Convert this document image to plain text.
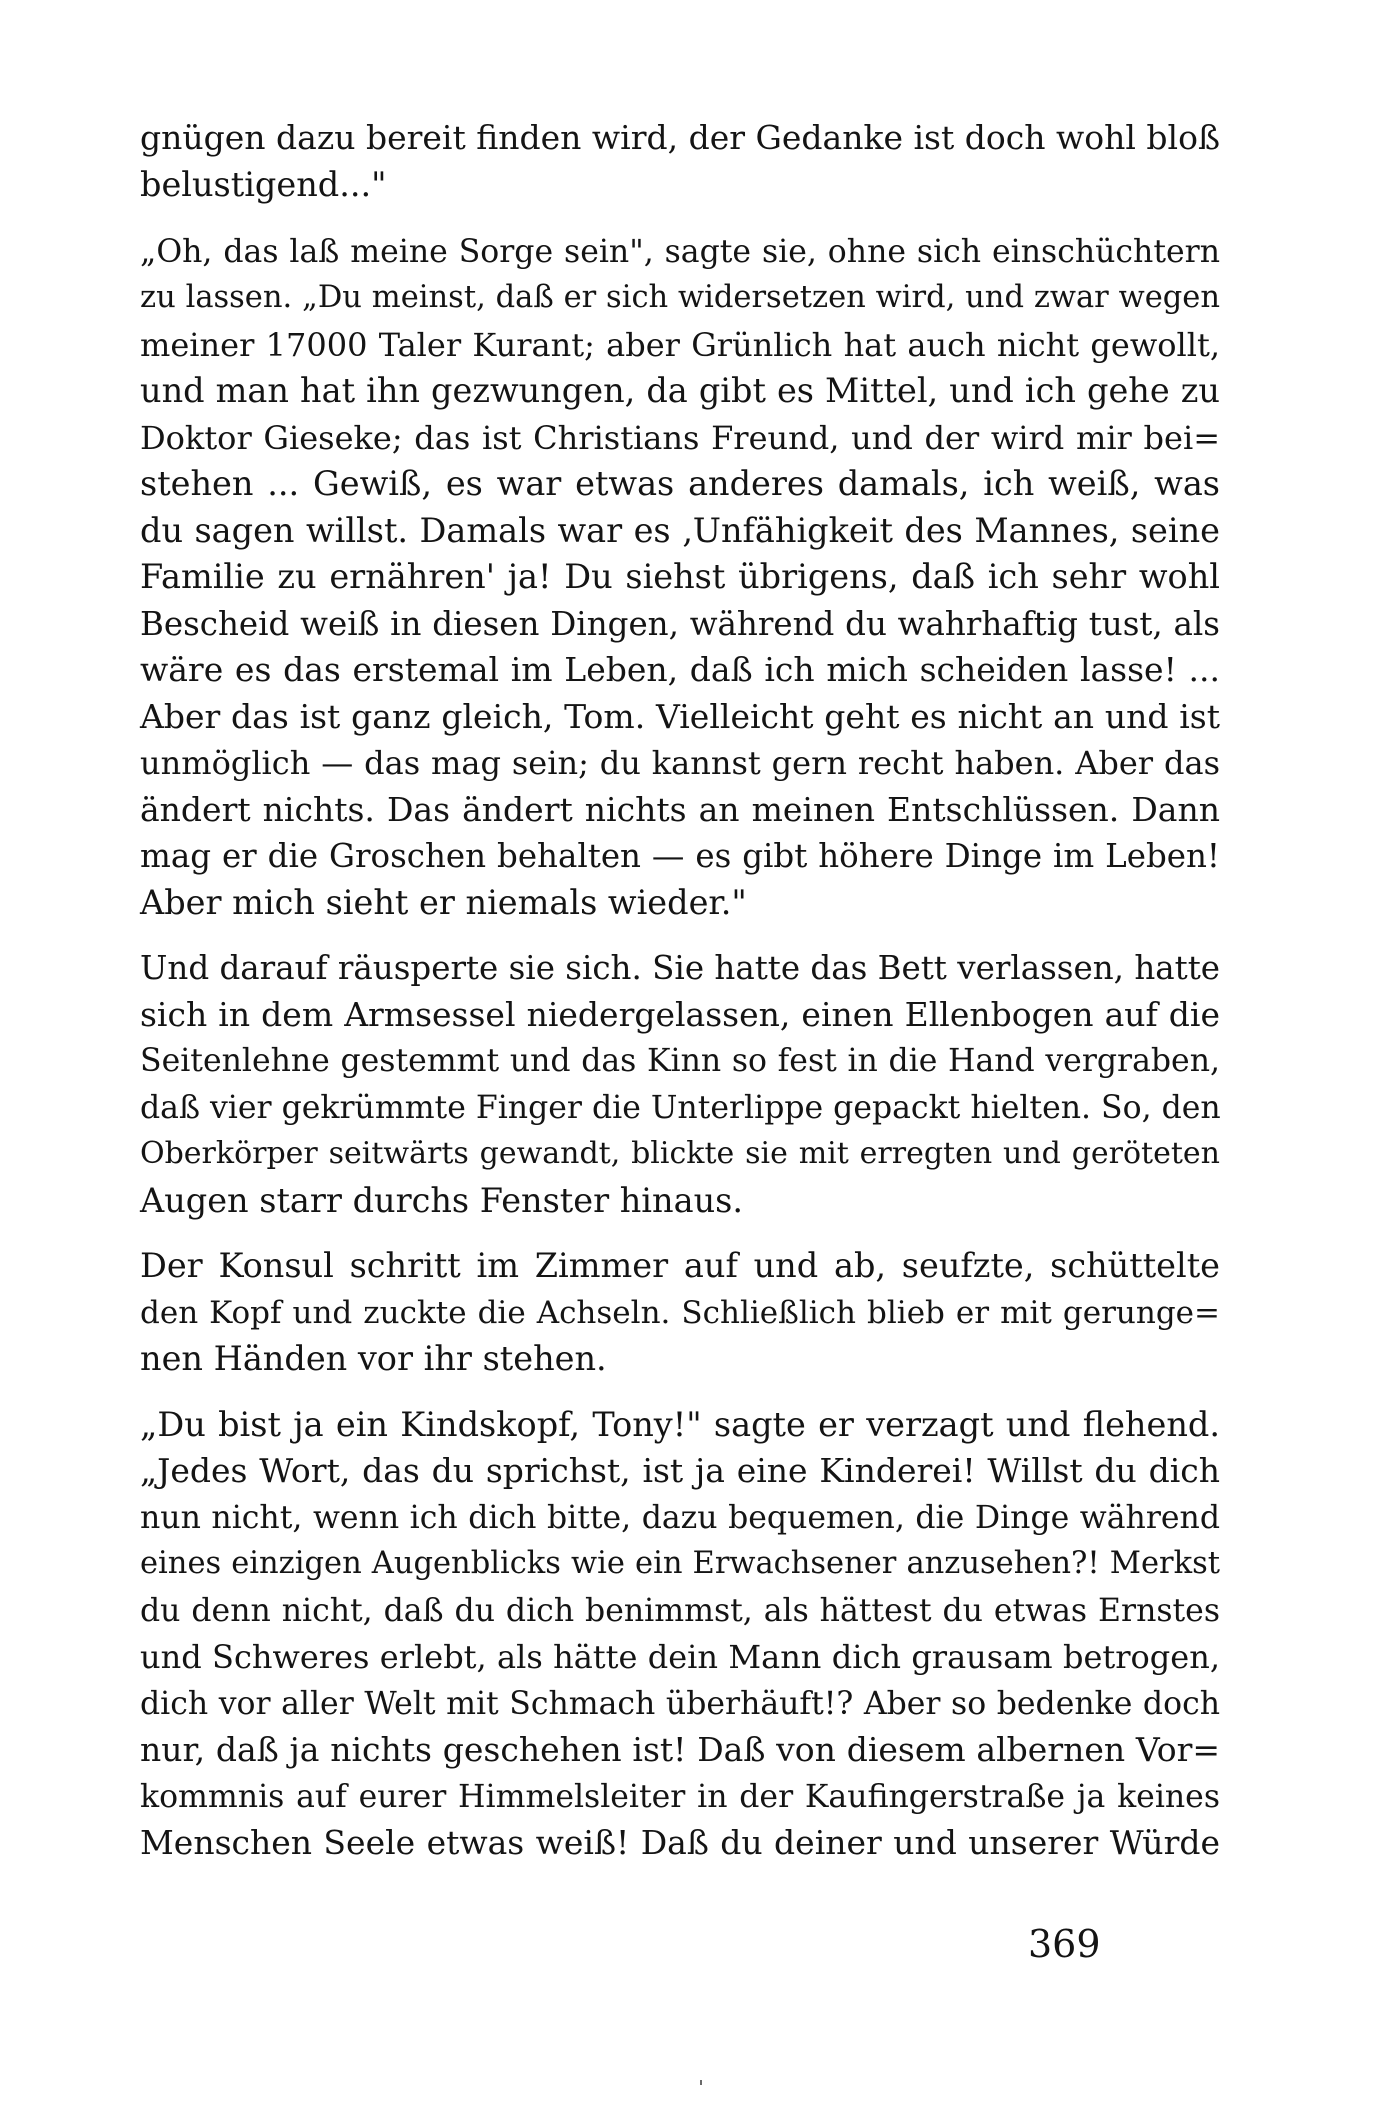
gnügen dazu bereit finden wird, der Gedanke ist doch wohl bloß
belustigend..."
„Oh, das laß meine Sorge sein", sagte sie, ohne sich einschüchtern
zu lassen. „Du meinst, daß er sich widersetzen wird, und zwar wegen
meiner 17000 Taler Kurant; aber Grünlich hat auch nicht gewollt,
und man hat ihn gezwungen, da gibt es Mittel, und ich gehe zu
Doktor Gieseke; das ist Christians Freund, und der wird mir bei=
stehen ... Gewiß, es war etwas anderes damals, ich weiß, was
du sagen willst. Damals war es ‚Unfähigkeit des Mannes, seine
Familie zu ernähren' ja! Du siehst übrigens, daß ich sehr wohl
Bescheid weiß in diesen Dingen, während du wahrhaftig tust, als
wäre es das erstemal im Leben, daß ich mich scheiden lasse! ...
Aber das ist ganz gleich, Tom. Vielleicht geht es nicht an und ist
unmöglich — das mag sein; du kannst gern recht haben. Aber das
ändert nichts. Das ändert nichts an meinen Entschlüssen. Dann
mag er die Groschen behalten — es gibt höhere Dinge im Leben!
Aber mich sieht er niemals wieder."
Und darauf räusperte sie sich. Sie hatte das Bett verlassen, hatte
sich in dem Armsessel niedergelassen, einen Ellenbogen auf die
Seitenlehne gestemmt und das Kinn so fest in die Hand vergraben,
daß vier gekrümmte Finger die Unterlippe gepackt hielten. So, den
Oberkörper seitwärts gewandt, blickte sie mit erregten und geröteten
Augen starr durchs Fenster hinaus.
Der Konsul schritt im Zimmer auf und ab, seufzte, schüttelte
den Kopf und zuckte die Achseln. Schließlich blieb er mit gerunge=
nen Händen vor ihr stehen.
„Du bist ja ein Kindskopf, Tony!" sagte er verzagt und flehend.
„Jedes Wort, das du sprichst, ist ja eine Kinderei! Willst du dich
nun nicht, wenn ich dich bitte, dazu bequemen, die Dinge während
eines einzigen Augenblicks wie ein Erwachsener anzusehen?! Merkst
du denn nicht, daß du dich benimmst, als hättest du etwas Ernstes
und Schweres erlebt, als hätte dein Mann dich grausam betrogen,
dich vor aller Welt mit Schmach überhäuft!? Aber so bedenke doch
nur, daß ja nichts geschehen ist! Daß von diesem albernen Vor=
kommnis auf eurer Himmelsleiter in der Kaufingerstraße ja keines
Menschen Seele etwas weiß! Daß du deiner und unserer Würde
369
